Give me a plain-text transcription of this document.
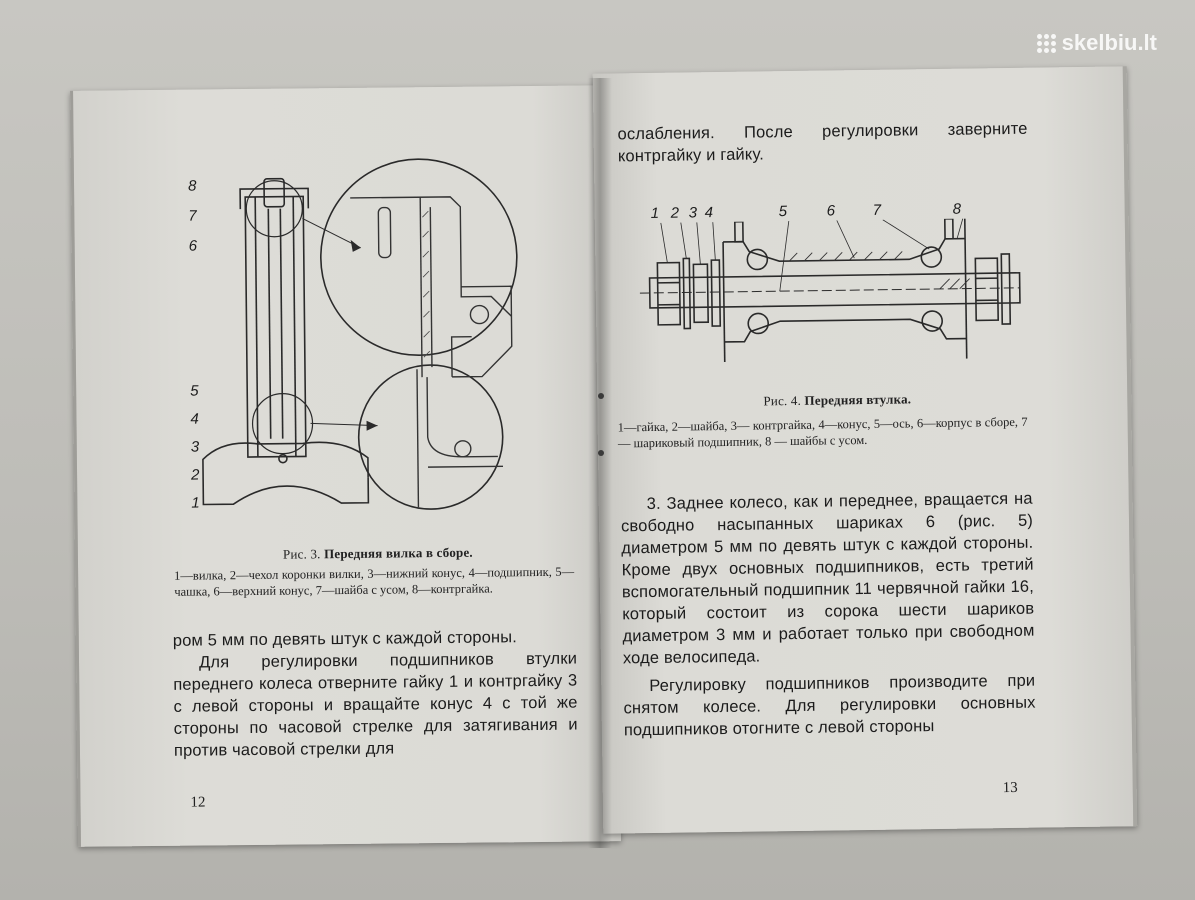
skelbiu.lt
8
7
6
5
4
3
2
1
Рис. 3. Передняя вилка в сборе.
1—вилка, 2—чехол коронки вилки, 3—нижний конус, 4—подшипник, 5—чашка, 6—верхний конус, 7—шайба с усом, 8—контргайка.

ром 5 мм по девять штук с каждой стороны.

Для регулировки подшипников втулки переднего колеса отверните гайку 1 и контргайку 3 с левой стороны и вращайте конус 4 с той же стороны по часовой стрелке для затягивания и против часовой стрелки для

12
ослабления. После регулировки заверните контргайку и гайку.
1 2 3 4	5	6 7	8
Рис. 4. Передняя втулка.
1—гайка, 2—шайба, 3— контргайка, 4—конус, 5—ось, 6—корпус в сборе, 7 — шариковый подшипник, 8 — шайбы с усом.

3. Заднее колесо, как и переднее, вращается на свободно насыпанных шариках 6 (рис. 5) диаметром 5 мм по девять штук с каждой стороны. Кроме двух основных подшипников, есть третий вспомогательный подшипник 11 червячной гайки 16, который состоит из сорока шести шариков диаметром 3 мм и работает только при свободном ходе велосипеда.

Регулировку подшипников производите при снятом колесе. Для регулировки основных подшипников отогните с левой стороны

13
